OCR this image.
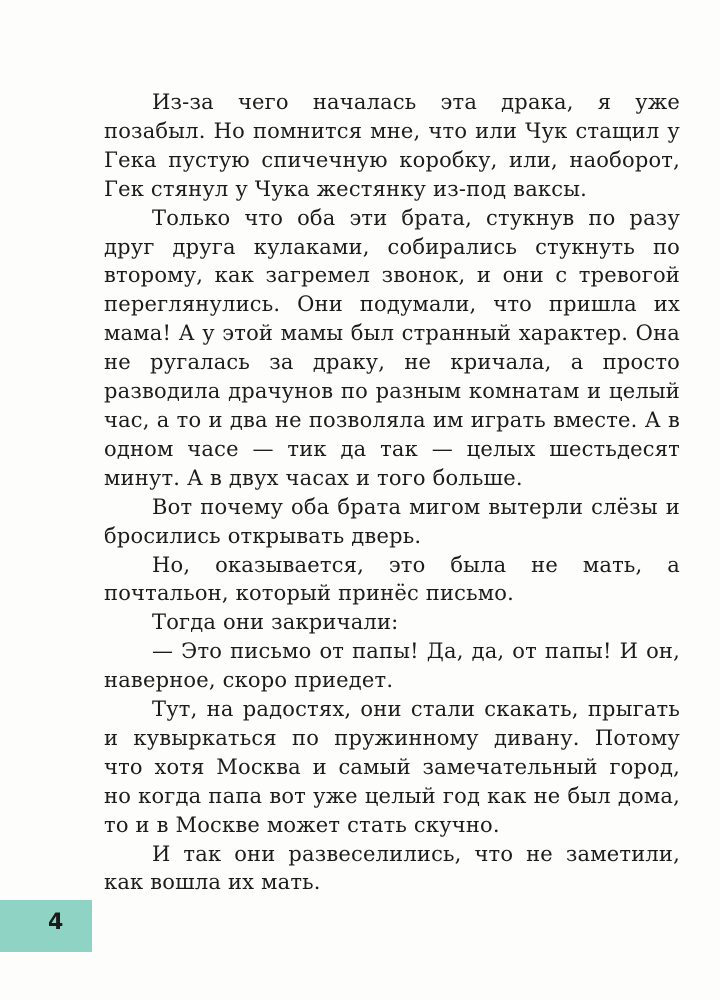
Из-за чего началась эта драка, я уже позабыл. Но помнится мне, что или Чук стащил у Гека пустую спичечную коробку, или, наоборот, Гек стянул у Чука жестянку из-под ваксы.

Только что оба эти брата, стукнув по разу друг друга кулаками, собирались стукнуть по второму, как загремел звонок, и они с тревогой переглянулись. Они подумали, что пришла их мама! А у этой мамы был странный характер. Она не ругалась за драку, не кричала, а просто разводила драчунов по разным комнатам и целый час, а то и два не позволяла им играть вместе. А в одном часе — тик да так — целых шестьдесят минут. А в двух часах и того больше.

Вот почему оба брата мигом вытерли слёзы и бросились открывать дверь.

Но, оказывается, это была не мать, а почтальон, который принёс письмо.

Тогда они закричали:

— Это письмо от папы! Да, да, от папы! И он, наверное, скоро приедет.

Тут, на радостях, они стали скакать, прыгать и кувыркаться по пружинному дивану. Потому что хотя Москва и самый замечательный город, но когда папа вот уже целый год как не был дома, то и в Москве может стать скучно.

И так они развеселились, что не заметили, как вошла их мать.

4
